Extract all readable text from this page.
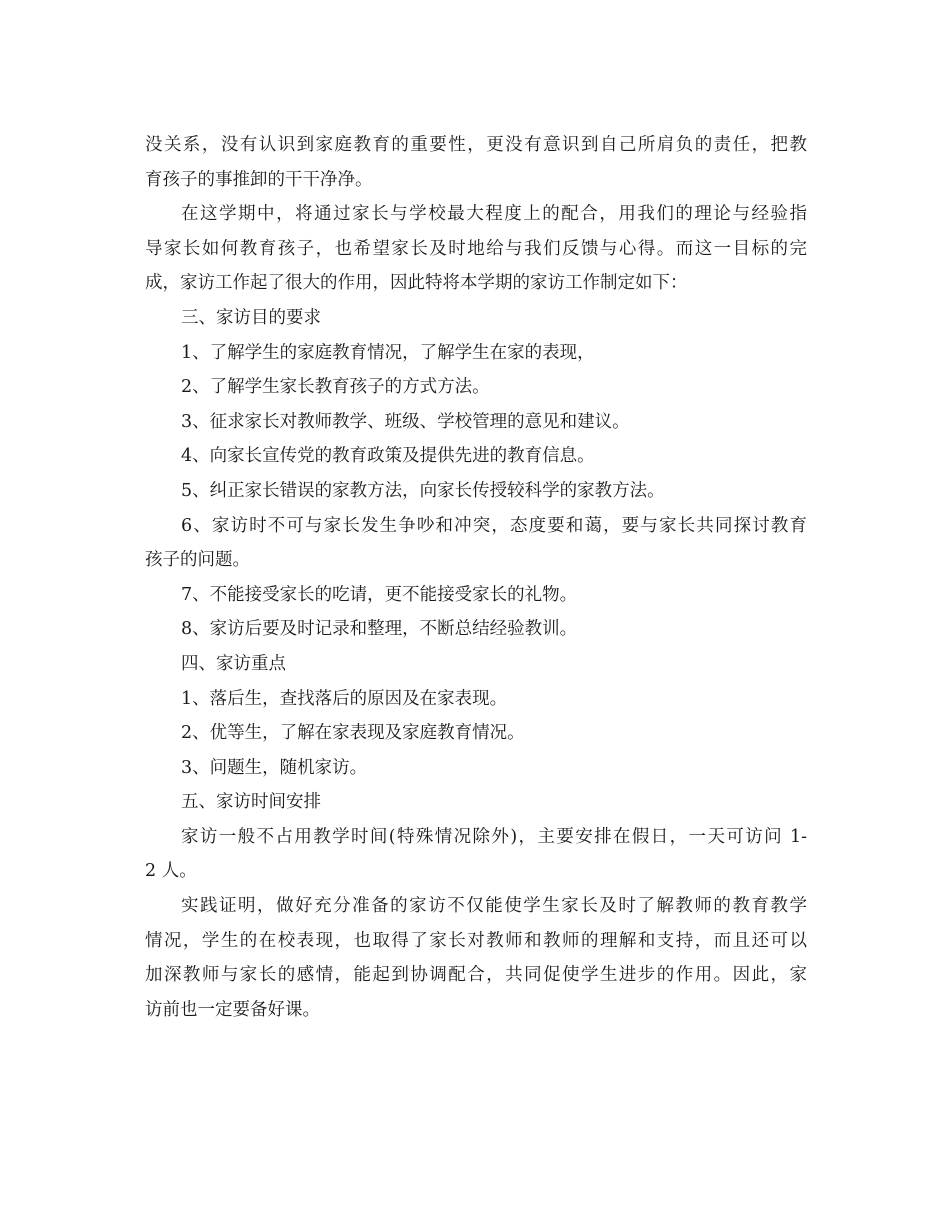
没关系，没有认识到家庭教育的重要性，更没有意识到自己所肩负的责任，把教
育孩子的事推卸的干干净净。
在这学期中，将通过家长与学校最大程度上的配合，用我们的理论与经验指
导家长如何教育孩子，也希望家长及时地给与我们反馈与心得。而这一目标的完
成，家访工作起了很大的作用，因此特将本学期的家访工作制定如下：
三、家访目的要求
1、了解学生的家庭教育情况，了解学生在家的表现，
2、了解学生家长教育孩子的方式方法。
3、征求家长对教师教学、班级、学校管理的意见和建议。
4、向家长宣传党的教育政策及提供先进的教育信息。
5、纠正家长错误的家教方法，向家长传授较科学的家教方法。
6、家访时不可与家长发生争吵和冲突，态度要和蔼，要与家长共同探讨教育
孩子的问题。
7、不能接受家长的吃请，更不能接受家长的礼物。
8、家访后要及时记录和整理，不断总结经验教训。
四、家访重点
1、落后生，查找落后的原因及在家表现。
2、优等生，了解在家表现及家庭教育情况。
3、问题生，随机家访。
五、家访时间安排
家访一般不占用教学时间(特殊情况除外)，主要安排在假日，一天可访问 1-
2 人。
实践证明，做好充分准备的家访不仅能使学生家长及时了解教师的教育教学
情况，学生的在校表现，也取得了家长对教师和教师的理解和支持，而且还可以
加深教师与家长的感情，能起到协调配合，共同促使学生进步的作用。因此，家
访前也一定要备好课。
